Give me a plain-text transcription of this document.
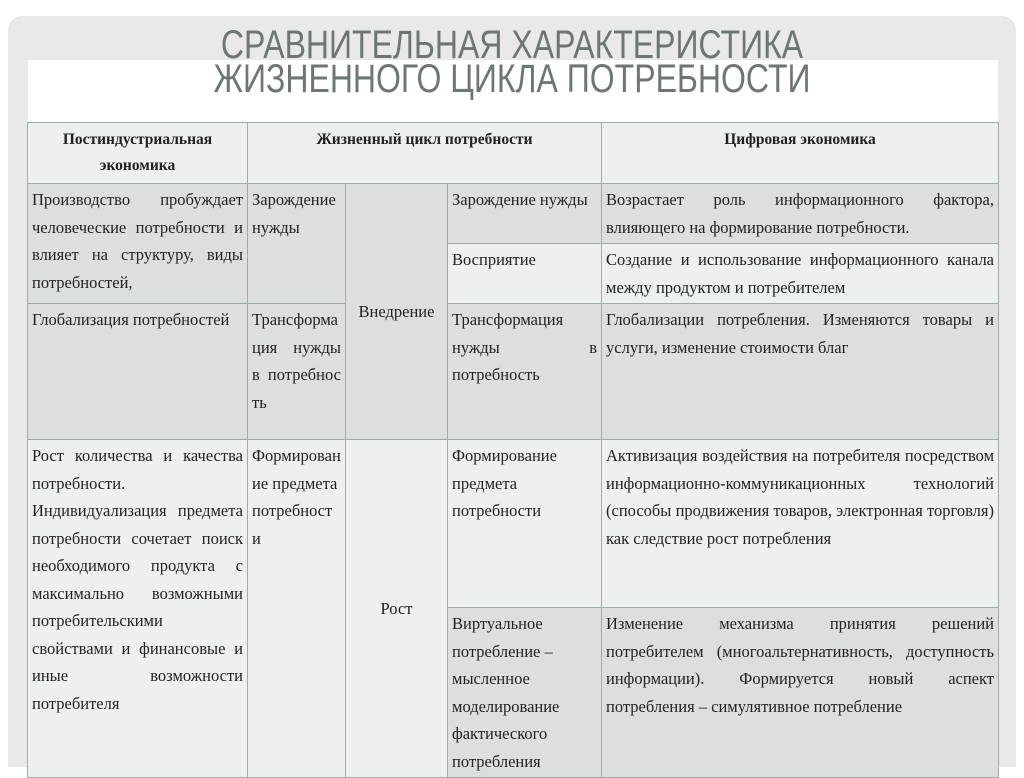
СРАВНИТЕЛЬНАЯ ХАРАКТЕРИСТИКА
ЖИЗНЕННОГО ЦИКЛА ПОТРЕБНОСТИ
Постиндустриальная экономика	Жизненный цикл потребности			Цифровая экономика
Производство пробуждает человеческие потребности и влияет на структуру, виды потребностей,	Зарождение нужды	Внедрение	Зарождение нужды	Возрастает роль информационного фактора, влияющего на формирование потребности.
			Восприятие	Создание и использование информационного канала между продуктом и потребителем
Глобализация потребностей	Трансформация нужды в потребность		Трансформация нужды в потребность	Глобализации потребления. Изменяются товары и услуги, изменение стоимости благ
Рост количества и качества потребности. Индивидуализация предмета потребности сочетает поиск необходимого продукта с максимально возможными потребительскими свойствами и финансовые и иные возможности потребителя	Формирование предмета потребности	Рост	Формирование предмета потребности	Активизация воздействия на потребителя посредством информационно-коммуникационных технологий (способы продвижения товаров, электронная торговля) как следствие рост потребления
			Виртуальное потребление – мысленное моделирование фактического потребления	Изменение механизма принятия решений потребителем (многоальтернативность, доступность информации). Формируется новый аспект потребления – симулятивное потребление
